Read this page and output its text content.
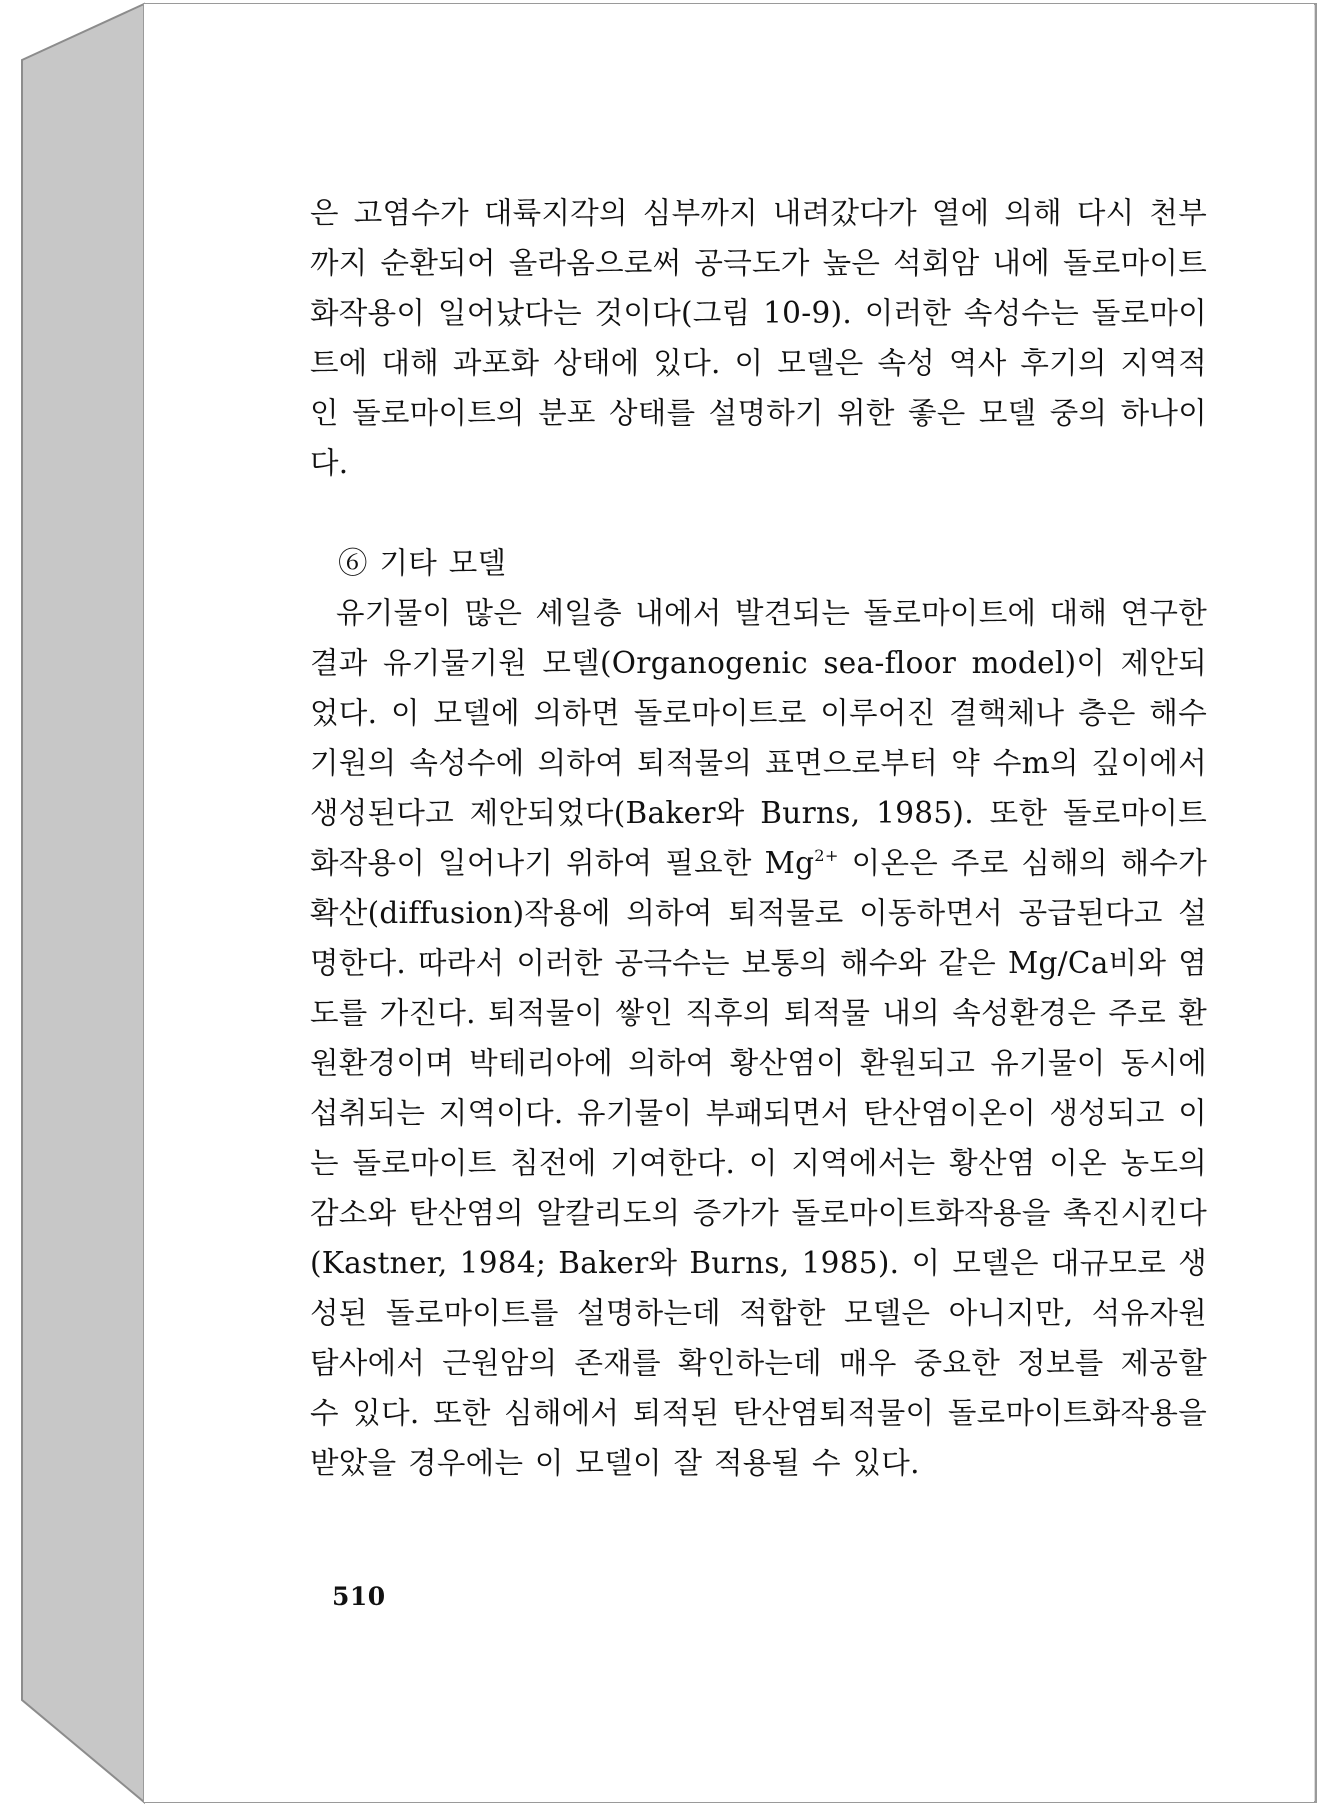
은 고염수가 대륙지각의 심부까지 내려갔다가 열에 의해 다시 천부까지 순환되어 올라옴으로써 공극도가 높은 석회암 내에 돌로마이트화작용이 일어났다는 것이다(그림 10-9). 이러한 속성수는 돌로마이트에 대해 과포화 상태에 있다. 이 모델은 속성 역사 후기의 지역적인 돌로마이트의 분포 상태를 설명하기 위한 좋은 모델 중의 하나이다.

⑥ 기타 모델
유기물이 많은 셰일층 내에서 발견되는 돌로마이트에 대해 연구한 결과 유기물기원 모델(Organogenic sea-floor model)이 제안되었다. 이 모델에 의하면 돌로마이트로 이루어진 결핵체나 층은 해수기원의 속성수에 의하여 퇴적물의 표면으로부터 약 수m의 깊이에서 생성된다고 제안되었다(Baker와 Burns, 1985). 또한 돌로마이트화작용이 일어나기 위하여 필요한 $Mg^{2+}$ 이온은 주로 심해의 해수가 확산(diffusion)작용에 의하여 퇴적물로 이동하면서 공급된다고 설명한다. 따라서 이러한 공극수는 보통의 해수와 같은 Mg/Ca비와 염도를 가진다. 퇴적물이 쌓인 직후의 퇴적물 내의 속성환경은 주로 환원환경이며 박테리아에 의하여 황산염이 환원되고 유기물이 동시에 섭취되는 지역이다. 유기물이 부패되면서 탄산염이온이 생성되고 이는 돌로마이트 침전에 기여한다. 이 지역에서는 황산염 이온 농도의 감소와 탄산염의 알칼리도의 증가가 돌로마이트화작용을 촉진시킨다(Kastner, 1984; Baker와 Burns, 1985). 이 모델은 대규모로 생성된 돌로마이트를 설명하는데 적합한 모델은 아니지만, 석유자원 탐사에서 근원암의 존재를 확인하는데 매우 중요한 정보를 제공할 수 있다. 또한 심해에서 퇴적된 탄산염퇴적물이 돌로마이트화작용을 받았을 경우에는 이 모델이 잘 적용될 수 있다.
510
